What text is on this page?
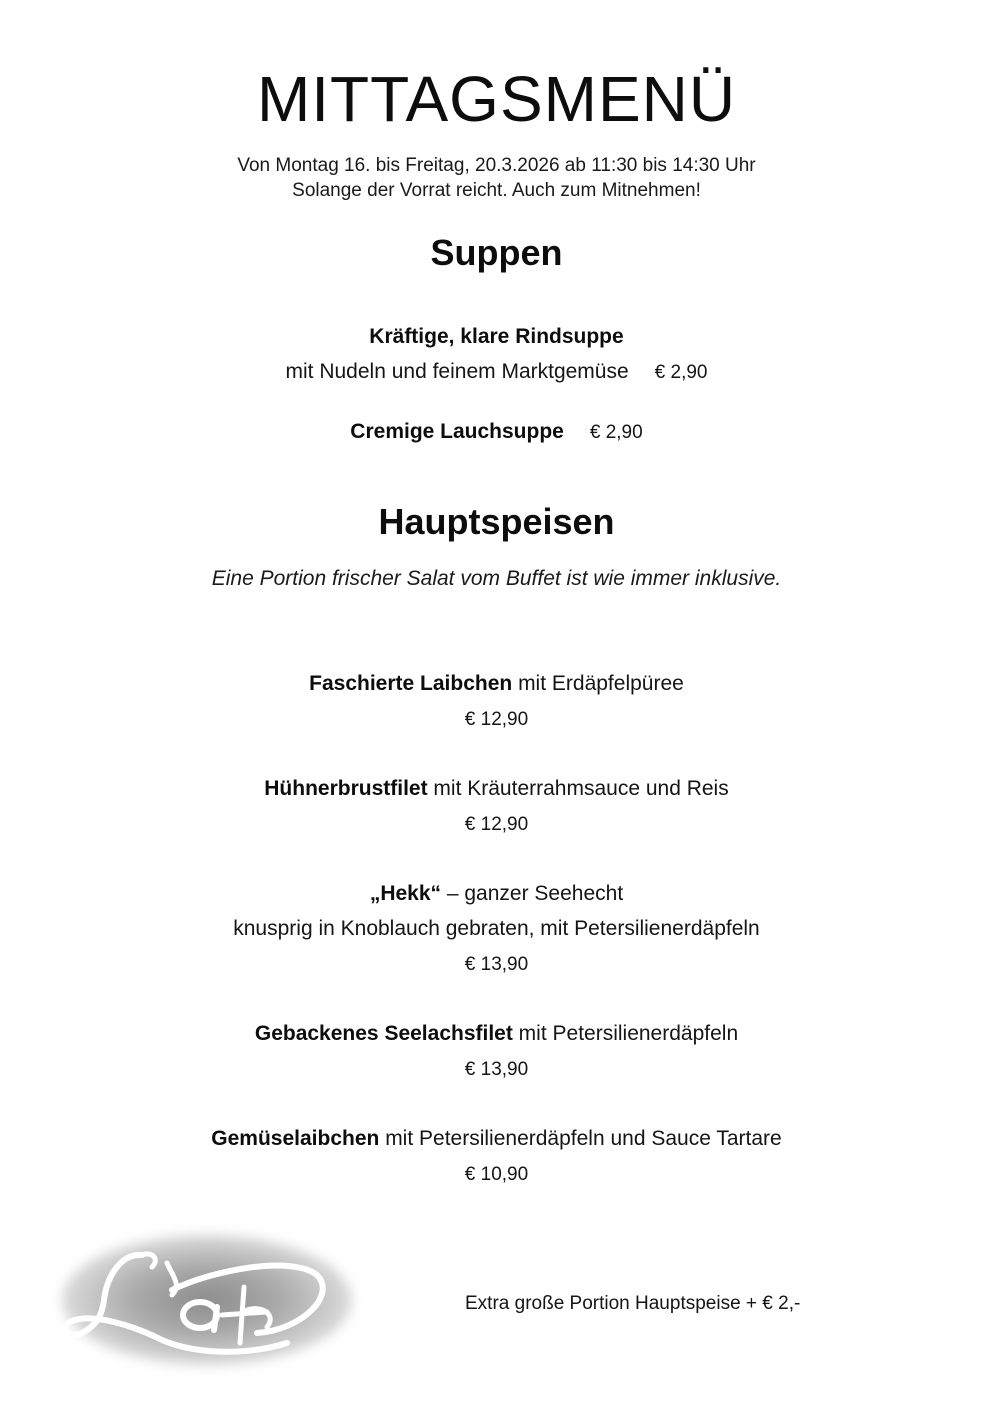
MITTAGSMENÜ
Von Montag 16. bis Freitag, 20.3.2026 ab 11:30 bis 14:30 Uhr
Solange der Vorrat reicht. Auch zum Mitnehmen!
Suppen
Kräftige, klare Rindsuppe
mit Nudeln und feinem Marktgemüse € 2,90
Cremige Lauchsuppe € 2,90
Hauptspeisen
Eine Portion frischer Salat vom Buffet ist wie immer inklusive.
Faschierte Laibchen mit Erdäpfelpüree
€ 12,90
Hühnerbrustfilet mit Kräuterrahmsauce und Reis
€ 12,90
„Hekk“ – ganzer Seehecht
knusprig in Knoblauch gebraten, mit Petersilienerdäpfeln
€ 13,90
Gebackenes Seelachsfilet mit Petersilienerdäpfeln
€ 13,90
Gemüselaibchen mit Petersilienerdäpfeln und Sauce Tartare
€ 10,90
Extra große Portion Hauptspeise + € 2,-
